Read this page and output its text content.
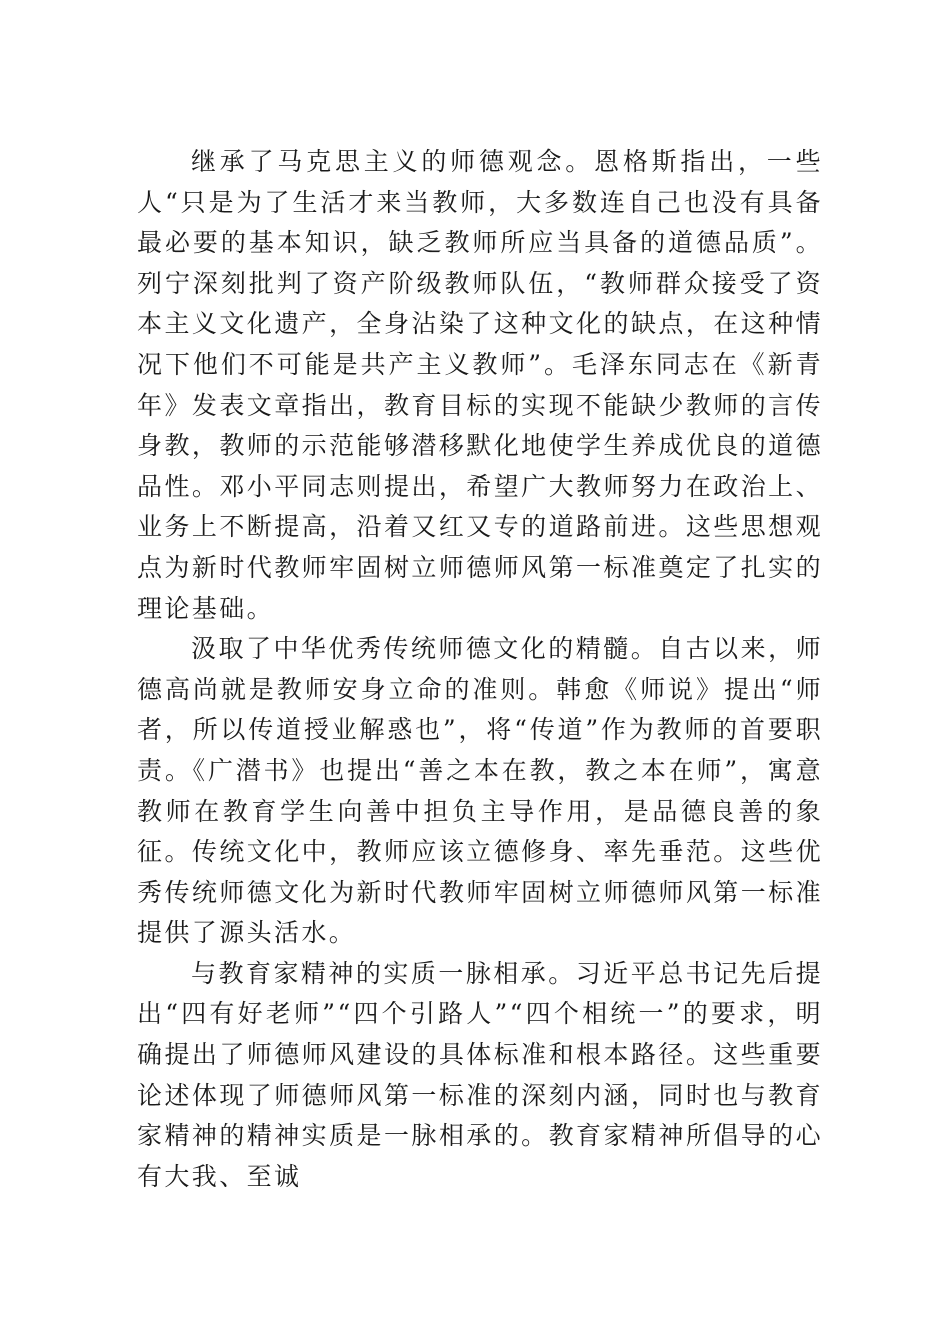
继承了马克思主义的师德观念。恩格斯指出，一些人“只是为了生活才来当教师，大多数连自己也没有具备最必要的基本知识，缺乏教师所应当具备的道德品质”。列宁深刻批判了资产阶级教师队伍，“教师群众接受了资本主义文化遗产，全身沾染了这种文化的缺点，在这种情况下他们不可能是共产主义教师”。毛泽东同志在《新青年》发表文章指出，教育目标的实现不能缺少教师的言传身教，教师的示范能够潜移默化地使学生养成优良的道德品性。邓小平同志则提出，希望广大教师努力在政治上、业务上不断提高，沿着又红又专的道路前进。这些思想观点为新时代教师牢固树立师德师风第一标准奠定了扎实的理论基础。

汲取了中华优秀传统师德文化的精髓。自古以来，师德高尚就是教师安身立命的准则。韩愈《师说》提出“师者，所以传道授业解惑也”，将“传道”作为教师的首要职责。《广潜书》也提出“善之本在教，教之本在师”，寓意教师在教育学生向善中担负主导作用，是品德良善的象征。传统文化中，教师应该立德修身、率先垂范。这些优秀传统师德文化为新时代教师牢固树立师德师风第一标准提供了源头活水。

与教育家精神的实质一脉相承。习近平总书记先后提出“四有好老师”“四个引路人”“四个相统一”的要求，明确提出了师德师风建设的具体标准和根本路径。这些重要论述体现了师德师风第一标准的深刻内涵，同时也与教育家精神的精神实质是一脉相承的。教育家精神所倡导的心有大我、至诚
